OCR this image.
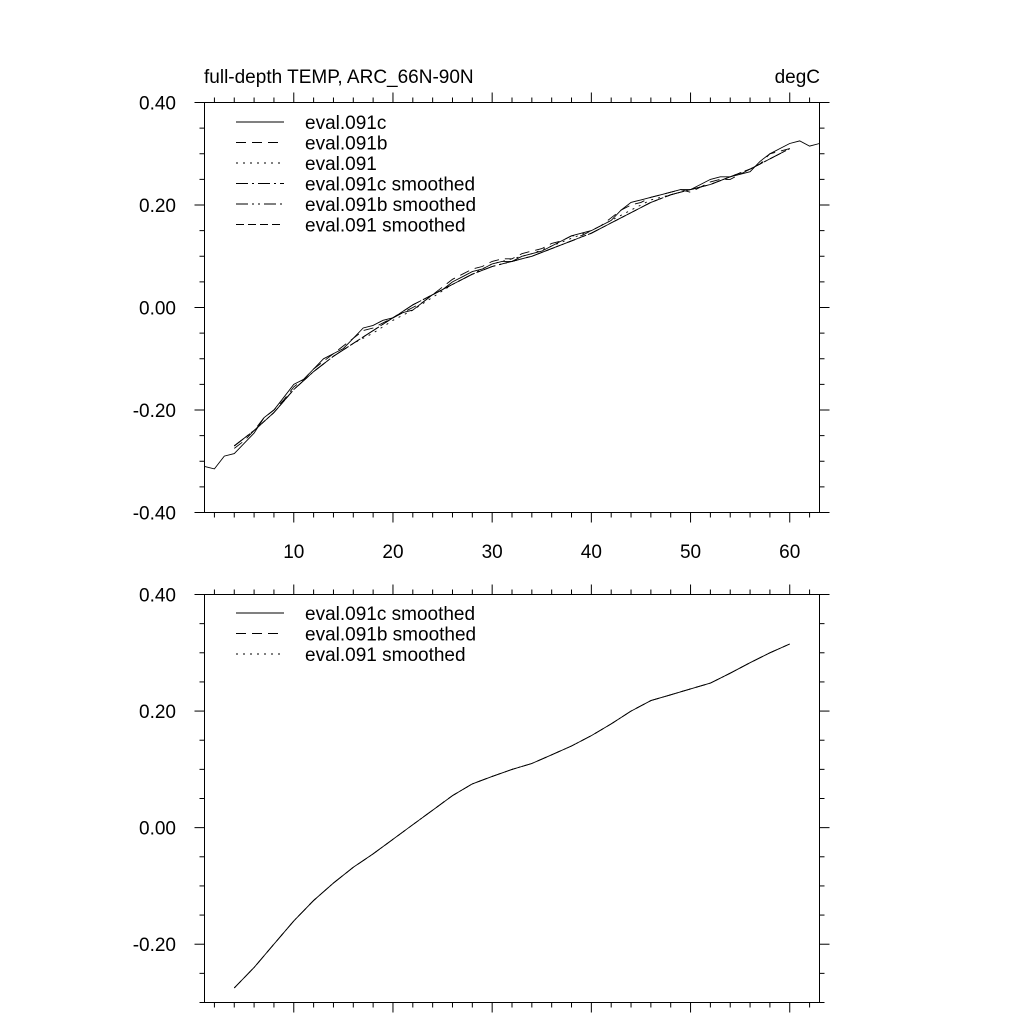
full-depth TEMP, ARC_66N-90N	degC
10	20	30	40	50	60
-0.40
-0.20
0.00
0.20
0.40
eval.091c
eval.091b
eval.091
eval.091c smoothed
eval.091b smoothed
eval.091 smoothed
-0.20
0.00
0.20
0.40
eval.091c smoothed
eval.091b smoothed
eval.091 smoothed
